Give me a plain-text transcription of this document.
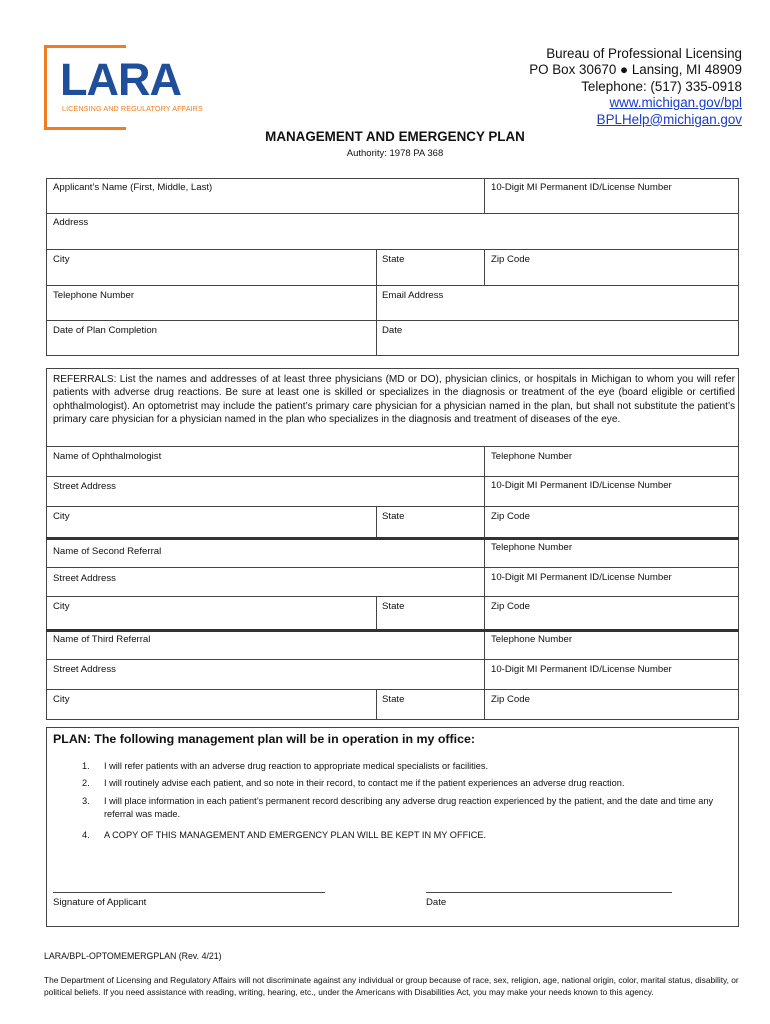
LARA
LICENSING AND REGULATORY AFFAIRS
Bureau of Professional Licensing
PO Box 30670 ● Lansing, MI 48909
Telephone: (517) 335-0918
www.michigan.gov/bpl
BPLHelp@michigan.gov
MANAGEMENT AND EMERGENCY PLAN
Authority: 1978 PA 368
Applicant’s Name (First, Middle, Last)	10-Digit MI Permanent ID/License Number
Address
City	State	Zip Code
Telephone Number	Email Address
Date of Plan Completion	Date
REFERRALS: List the names and addresses of at least three physicians (MD or DO), physician clinics, or hospitals in Michigan to whom you will refer patients with adverse drug reactions. Be sure at least one is skilled or specializes in the diagnosis or treatment of the eye (board eligible or certified ophthalmologist). An optometrist may include the patient’s primary care physician for a physician named in the plan, but shall not substitute the patient’s primary care physician for a physician named in the plan who specializes in the diagnosis and treatment of diseases of the eye.
Name of Ophthalmologist	Telephone Number
Street Address	10-Digit MI Permanent ID/License Number
City	State	Zip Code
Name of Second Referral	Telephone Number
Street Address	10-Digit MI Permanent ID/License Number
City	State	Zip Code
Name of Third Referral	Telephone Number
Street Address	10-Digit MI Permanent ID/License Number
City	State	Zip Code
PLAN: The following management plan will be in operation in my office:
1. I will refer patients with an adverse drug reaction to appropriate medical specialists or facilities.
2. I will routinely advise each patient, and so note in their record, to contact me if the patient experiences an adverse drug reaction.
3. I will place information in each patient’s permanent record describing any adverse drug reaction experienced by the patient, and the date and time any referral was made.
4. A COPY OF THIS MANAGEMENT AND EMERGENCY PLAN WILL BE KEPT IN MY OFFICE.
Signature of Applicant	Date
LARA/BPL-OPTOMEMERGPLAN (Rev. 4/21)
The Department of Licensing and Regulatory Affairs will not discriminate against any individual or group because of race, sex, religion, age, national origin, color, marital status, disability, or political beliefs. If you need assistance with reading, writing, hearing, etc., under the Americans with Disabilities Act, you may make your needs known to this agency.
